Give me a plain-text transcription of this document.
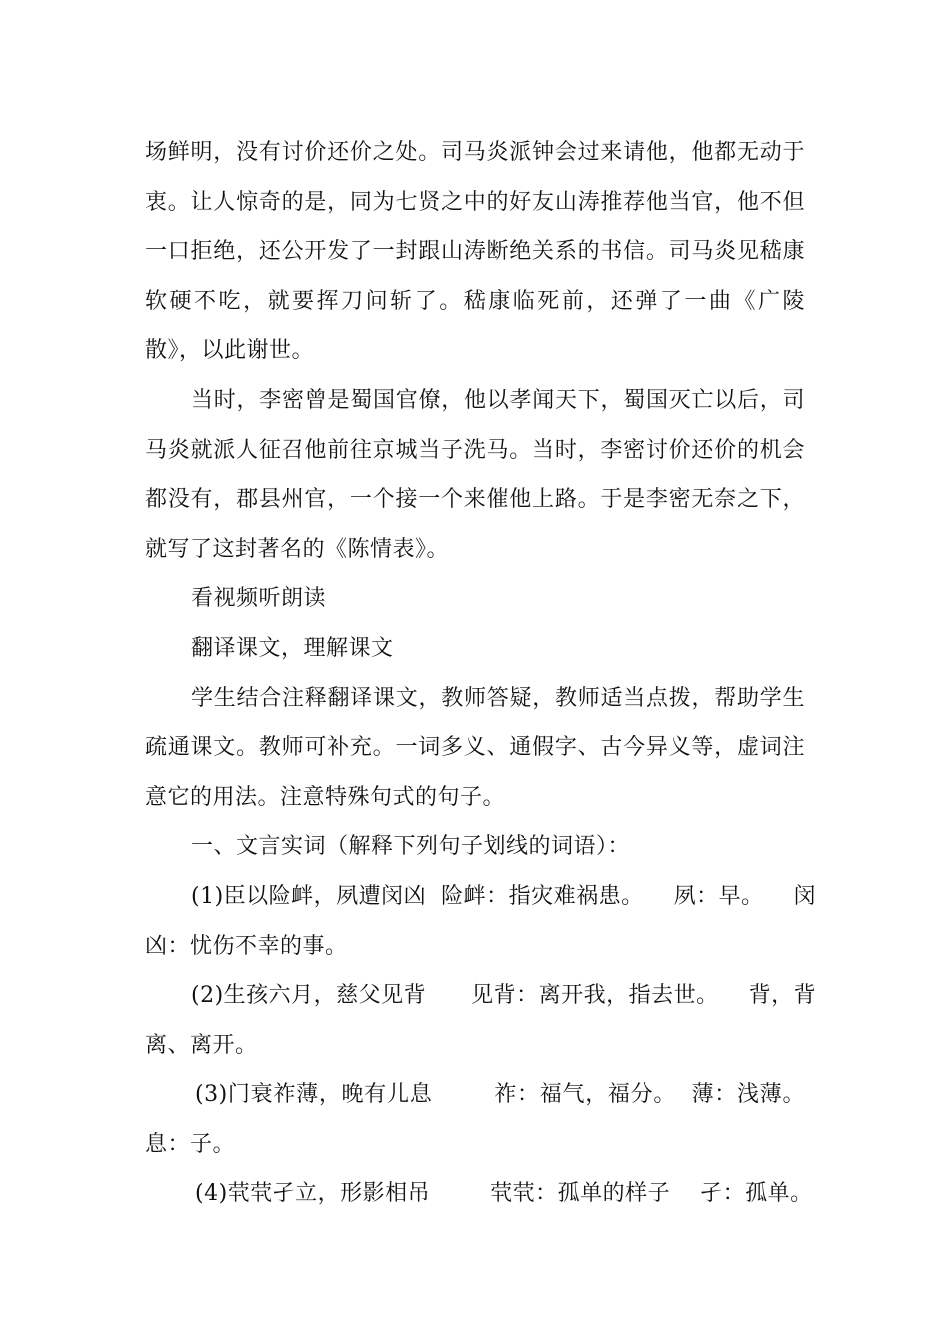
场鲜明，没有讨价还价之处。司马炎派钟会过来请他，他都无动于
衷。让人惊奇的是，同为七贤之中的好友山涛推荐他当官，他不但
一口拒绝，还公开发了一封跟山涛断绝关系的书信。司马炎见嵇康
软硬不吃，就要挥刀问斩了。嵇康临死前，还弹了一曲《广陵
散》，以此谢世。
当时，李密曾是蜀国官僚，他以孝闻天下，蜀国灭亡以后，司
马炎就派人征召他前往京城当子洗马。当时，李密讨价还价的机会
都没有，郡县州官，一个接一个来催他上路。于是李密无奈之下，
就写了这封著名的《陈情表》。
看视频听朗读
翻译课文，理解课文
学生结合注释翻译课文，教师答疑，教师适当点拨，帮助学生
疏通课文。教师可补充。一词多义、通假字、古今异义等，虚词注
意它的用法。注意特殊句式的句子。
一、文言实词（解释下列句子划线的词语）：
(1)臣以险衅，夙遭闵凶  险衅：指灾难祸患。    夙：早。    闵
凶：忧伤不幸的事。
(2)生孩六月，慈父见背      见背：离开我，指去世。    背，背
离、离开。
(3)门衰祚薄，晚有儿息        祚：福气，福分。  薄：浅薄。
息：子。
(4)茕茕孑立，形影相吊        茕茕：孤单的样子    孑：孤单。
